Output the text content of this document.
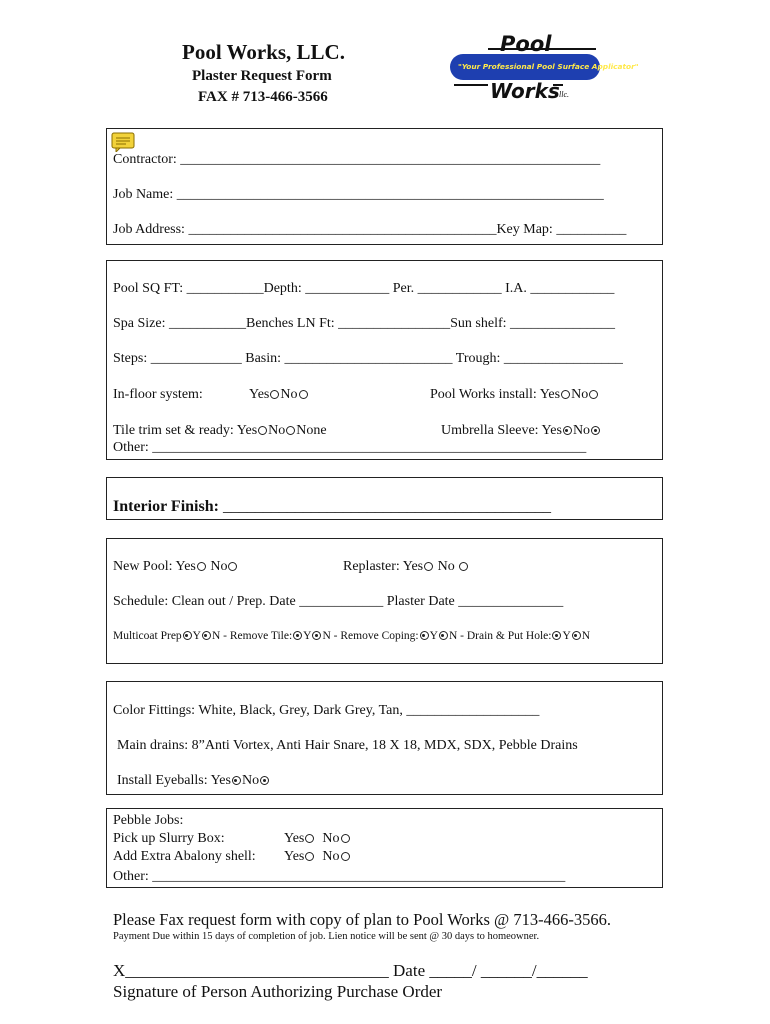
Pool Works, LLC.
Plaster Request Form
FAX # 713-466-3566
Pool
"Your Professional Pool Surface Applicator"
Works llc.
Contractor: ____________________________________________________________
Job Name: _____________________________________________________________
Job Address: ____________________________________________Key Map: __________
Pool SQ FT: ___________Depth: ____________ Per. ____________ I.A. ____________
Spa Size: ___________Benches LN Ft: ________________Sun shelf: _______________
Steps: _____________ Basin: ________________________ Trough: _________________
In-floor system:	Yes No	Pool Works install: Yes No
Tile trim set & ready: Yes No None	Umbrella Sleeve: Yes No
Other: ______________________________________________________________
Interior Finish: _________________________________________
New Pool: Yes No	Replaster: Yes No
Schedule: Clean out / Prep. Date ____________ Plaster Date _______________
Multicoat Prep Y N - Remove Tile: Y N - Remove Coping: Y N - Drain & Put Hole: Y N
Color Fittings: White, Black, Grey, Dark Grey, Tan, ___________________
Main drains: 8”Anti Vortex, Anti Hair Snare, 18 X 18, MDX, SDX, Pebble Drains
Install Eyeballs: Yes No
Pebble Jobs:
Pick up Slurry Box:	Yes No
Add Extra Abalony shell: Yes No
Other: ___________________________________________________________
Please Fax request form with copy of plan to Pool Works @ 713-466-3566.
Payment Due within 15 days of completion of job. Lien notice will be sent @ 30 days to homeowner.
X_______________________________ Date _____/ ______/______
Signature of Person Authorizing Purchase Order
